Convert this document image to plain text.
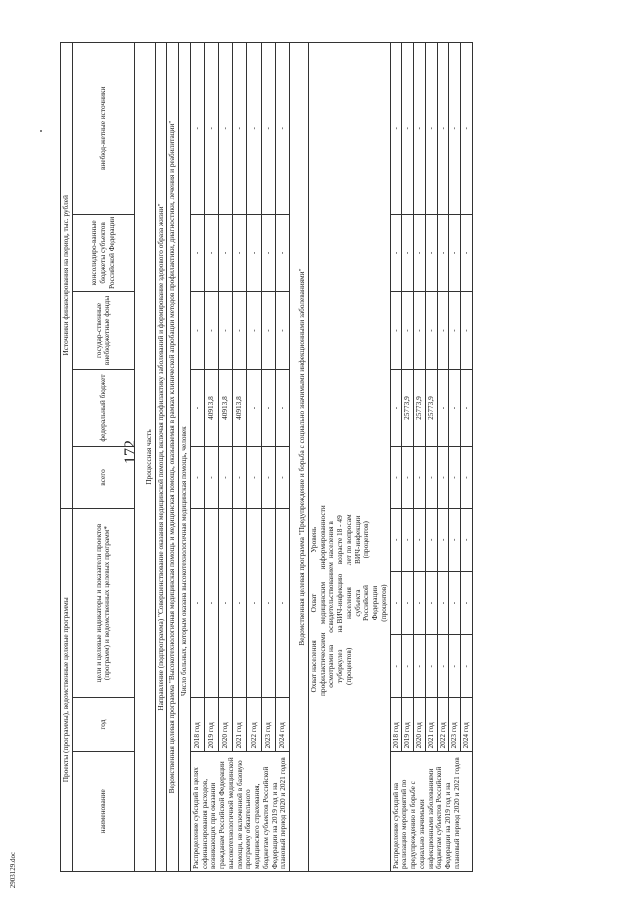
172
2903129.doc
Проекты (программы), ведомственные целевые программы					Источники финансирования на период, тыс. рублей				
наименование	год	цели и целевые индикаторы и показатели проектов (программ) и ведомственных целевых программ*			всего	федеральный бюджет	государ-ственные внебюджетные фонды	консолидиро-ванные бюджеты субъектов Российской Федерации	внебюд-жетные источники
Процессная часть									
Направление (подпрограмма) "Совершенствование оказания медицинской помощи, включая профилактику заболеваний и формирование здорового образа жизни"									
Ведомственная целевая программа "Высокотехнологичная медицинская помощь и медицинская помощь, оказываемая в рамках клинической апробации методов профилактики, диагностики, лечения и реабилитации"									
		Число больных, которым оказана высокотехнологичная медицинская помощь, человек							
Распределение субсидий в целях софинансирования расходов, возникающих при оказании гражданам Российской Федерации высокотехнологичной медицинской помощи, не включенной в базовую программу обязательного медицинского страхования, бюджетам субъектов Российской Федерации на 2019 год и на плановый период 2020 и 2021 годов	2018 год	-			-	-	-	-	-
	2019 год	-			-	40913,8	-	-	-
	2020 год	-			-	40913,8	-	-	-
	2021 год	-			-	40913,8	-	-	-
	2022 год	-			-	-	-	-	-
	2023 год	-			-	-	-	-	-
	2024 год	-			-	-	-	-	-
Ведомственная целевая программа "Предупреждение и борьба с социально значимыми инфекционными заболеваниями"									
		Охват населения профилактическими осмотрами на туберкулез (процентов)	Охват медицинским освидетельствованием на ВИЧ-инфекцию населения субъекта Российской Федерации (процентов)	Уровень информированности населения в возрасте 18 - 49 лет по вопросам ВИЧ-инфекции (процентов)					
Распределение субсидий на реализацию мероприятий по предупреждению и борьбе с социально значимыми инфекционными заболеваниями бюджетам субъектов Российской Федерации на 2019 год и на плановый период 2020 и 2021 годов	2018 год	-	-	-	-	-	-	-	-
	2019 год	-	-	-	-	25773,9	-	-	-
	2020 год	-	-	-	-	25773,9	-	-	-
	2021 год	-	-	-	-	25773,9	-	-	-
	2022 год	-	-	-	-	-	-	-	-
	2023 год	-	-	-	-	-	-	-	-
	2024 год	-	-	-	-	-	-	-	-
